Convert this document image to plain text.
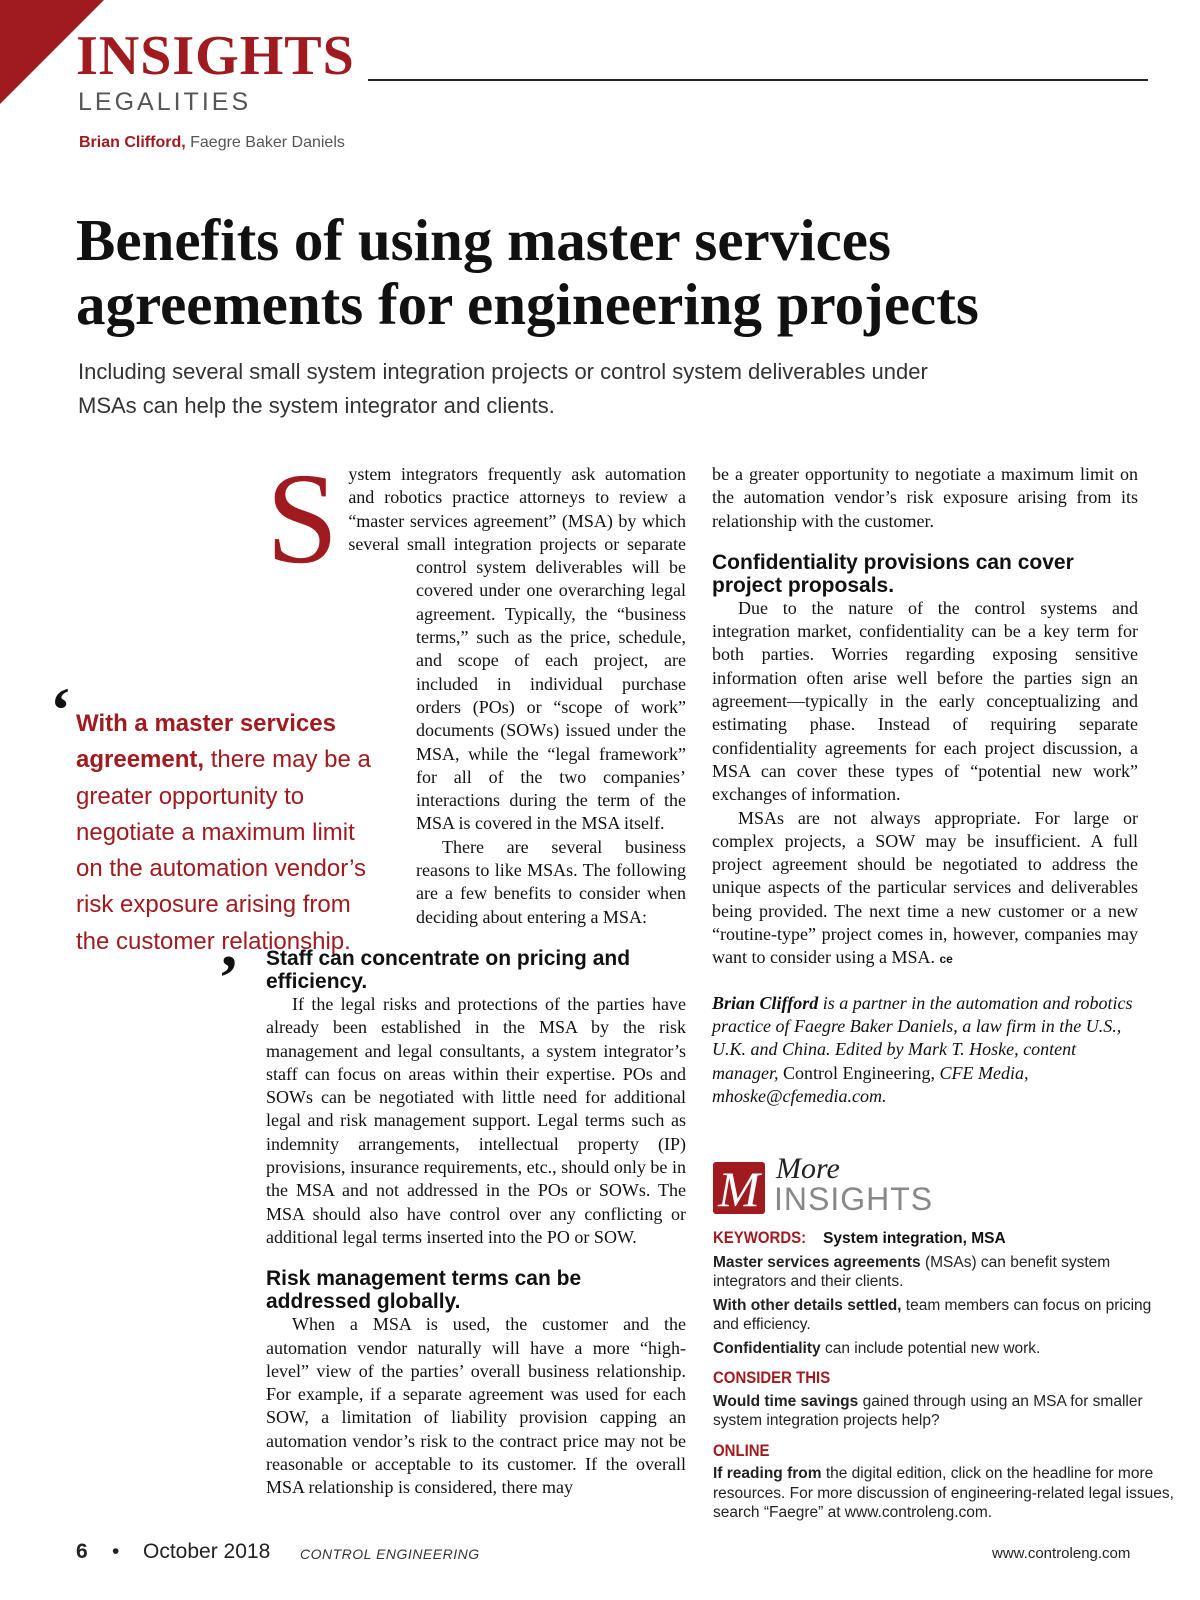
INSIGHTS
LEGALITIES
Brian Clifford, Faegre Baker Daniels
Benefits of using master services agreements for engineering projects

Including several small system integration projects or control system deliverables under MSAs can help the system integrator and clients.

S ystem integrators frequently ask automation and robotics practice attorneys to review a “master services agreement” (MSA) by which several small integration projects or separate control system deliverables will be covered under one overarching legal agreement. Typically, the “business terms,” such as the price, schedule, and scope of each project, are included in individual purchase orders (POs) or “scope of work” documents (SOWs) issued under the MSA, while the “legal framework” for all of the two companies’ interactions during the term of the MSA is covered in the MSA itself.

There are several business reasons to like MSAs. The following are a few benefits to consider when deciding about entering a MSA:

Staff can concentrate on pricing and efficiency.

If the legal risks and protections of the parties have already been established in the MSA by the risk management and legal consultants, a system integrator’s staff can focus on areas within their expertise. POs and SOWs can be negotiated with little need for additional legal and risk management support. Legal terms such as indemnity arrangements, intellectual property (IP) provisions, insurance requirements, etc., should only be in the MSA and not addressed in the POs or SOWs. The MSA should also have control over any conflicting or additional legal terms inserted into the PO or SOW.

Risk management terms can be addressed globally.

When a MSA is used, the customer and the automation vendor naturally will have a more “high-level” view of the parties’ overall business relationship. For example, if a separate agreement was used for each SOW, a limitation of liability provision capping an automation vendor’s risk to the contract price may not be reasonable or acceptable to its customer. If the overall MSA relationship is considered, there may

be a greater opportunity to negotiate a maximum limit on the automation vendor’s risk exposure arising from its relationship with the customer.

Confidentiality provisions can cover project proposals.

Due to the nature of the control systems and integration market, confidentiality can be a key term for both parties. Worries regarding exposing sensitive information often arise well before the parties sign an agreement—typically in the early conceptualizing and estimating phase. Instead of requiring separate confidentiality agreements for each project discussion, a MSA can cover these types of “potential new work” exchanges of information.

MSAs are not always appropriate. For large or complex projects, a SOW may be insufficient. A full project agreement should be negotiated to address the unique aspects of the particular services and deliverables being provided. The next time a new customer or a new “routine-type” project comes in, however, companies may want to consider using a MSA. ce

Brian Clifford is a partner in the automation and robotics practice of Faegre Baker Daniels, a law firm in the U.S., U.K. and China. Edited by Mark T. Hoske, content manager, Control Engineering, CFE Media, mhoske@cfemedia.com.

‘ With a master services agreement, there may be a greater opportunity to negotiate a maximum limit on the automation vendor’s risk exposure arising from the customer relationship.
’
M More
INSIGHTS
KEYWORDS: System integration, MSA
Master services agreements (MSAs) can benefit system integrators and their clients.
With other details settled, team members can focus on pricing and efficiency.
Confidentiality can include potential new work.
CONSIDER THIS
Would time savings gained through using an MSA for smaller system integration projects help?
ONLINE
If reading from the digital edition, click on the headline for more resources. For more discussion of engineering-related legal issues, search “Faegre” at www.controleng.com.
6 • October 2018 CONTROL ENGINEERING	www.controleng.com
